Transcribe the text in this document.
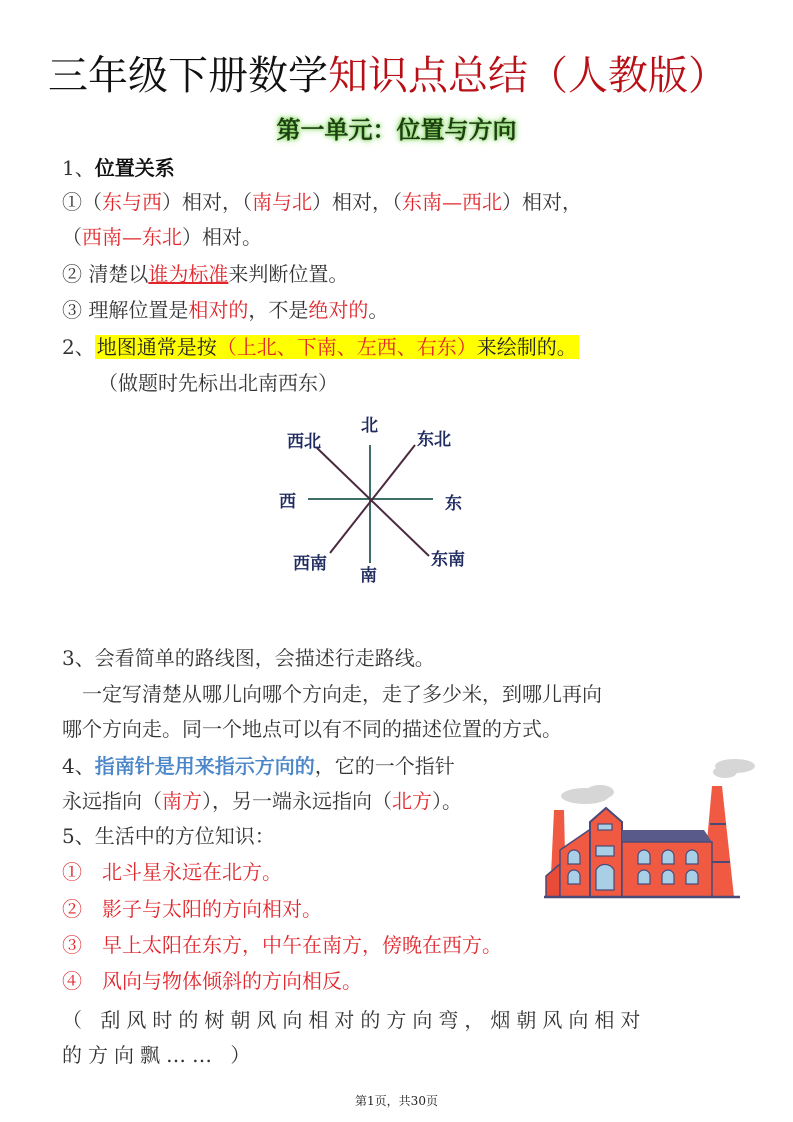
三年级下册数学知识点总结（人教版）
第一单元：位置与方向
1、位置关系
①（东与西）相对，（南与北）相对，（东南—西北）相对，
（西南—东北）相对。
② 清楚以谁为标准来判断位置。
③ 理解位置是相对的，不是绝对的。
2、 地图通常是按（上北、下南、左西、右东）来绘制的。
（做题时先标出北南西东）
北
西北	东北
西	东
西南
南
东南
3、会看简单的路线图，会描述行走路线。
　一定写清楚从哪儿向哪个方向走，走了多少米，到哪儿再向
哪个方向走。同一个地点可以有不同的描述位置的方式。
4、指南针是用来指示方向的，它的一个指针
永远指向（南方），另一端永远指向（北方）。
5、生活中的方位知识：
①　北斗星永远在北方。
②　影子与太阳的方向相对。
③　早上太阳在东方，中午在南方，傍晚在西方。
④　风向与物体倾斜的方向相反。
（ 刮风时的树朝风向相对的方向弯，烟朝风向相对
的方向飘…… ）
第1页，共30页
